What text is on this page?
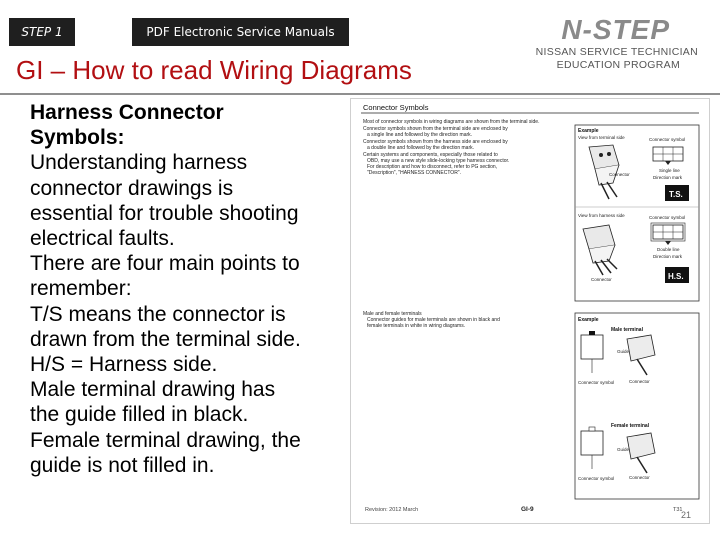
STEP 1	PDF Electronic Service Manuals	N-STEP
NISSAN SERVICE TECHNICIAN
EDUCATION PROGRAM
GI – How to read Wiring Diagrams
Harness Connector
Symbols:
Understanding harness
connector drawings is
essential for trouble shooting
electrical faults.
There are four main points to
remember:
T/S means the connector is
drawn from the terminal side.
H/S = Harness side.
Male terminal drawing has
the guide filled in black.
Female terminal drawing, the
guide is not filled in.
Connector Symbols
Most of connector symbols in wiring diagrams are shown from the terminal side.
Connector symbols shown from the terminal side are enclosed by
a single line and followed by the direction mark.
Connector symbols shown from the harness side are enclosed by
a double line and followed by the direction mark.
Certain systems and components, especially those related to
OBD, may use a new style slide-locking type harness connector.
For description and how to disconnect, refer to PG section,
"Description", "HARNESS CONNECTOR".
Example
View from terminal side	Connector symbol
Single line
Direction mark
Connector
T.S.
View from harness side	Connector symbol
Double line
Direction mark
Connector	H.S.
Male and female terminals
Connector guides for male terminals are shown in black and
female terminals in white in wiring diagrams.
Example
Male terminal
Guide
Connector symbol	Connector
Female terminal
Guide
Connector symbol	Connector
Revision: 2012 March	GI-9	T31
21
